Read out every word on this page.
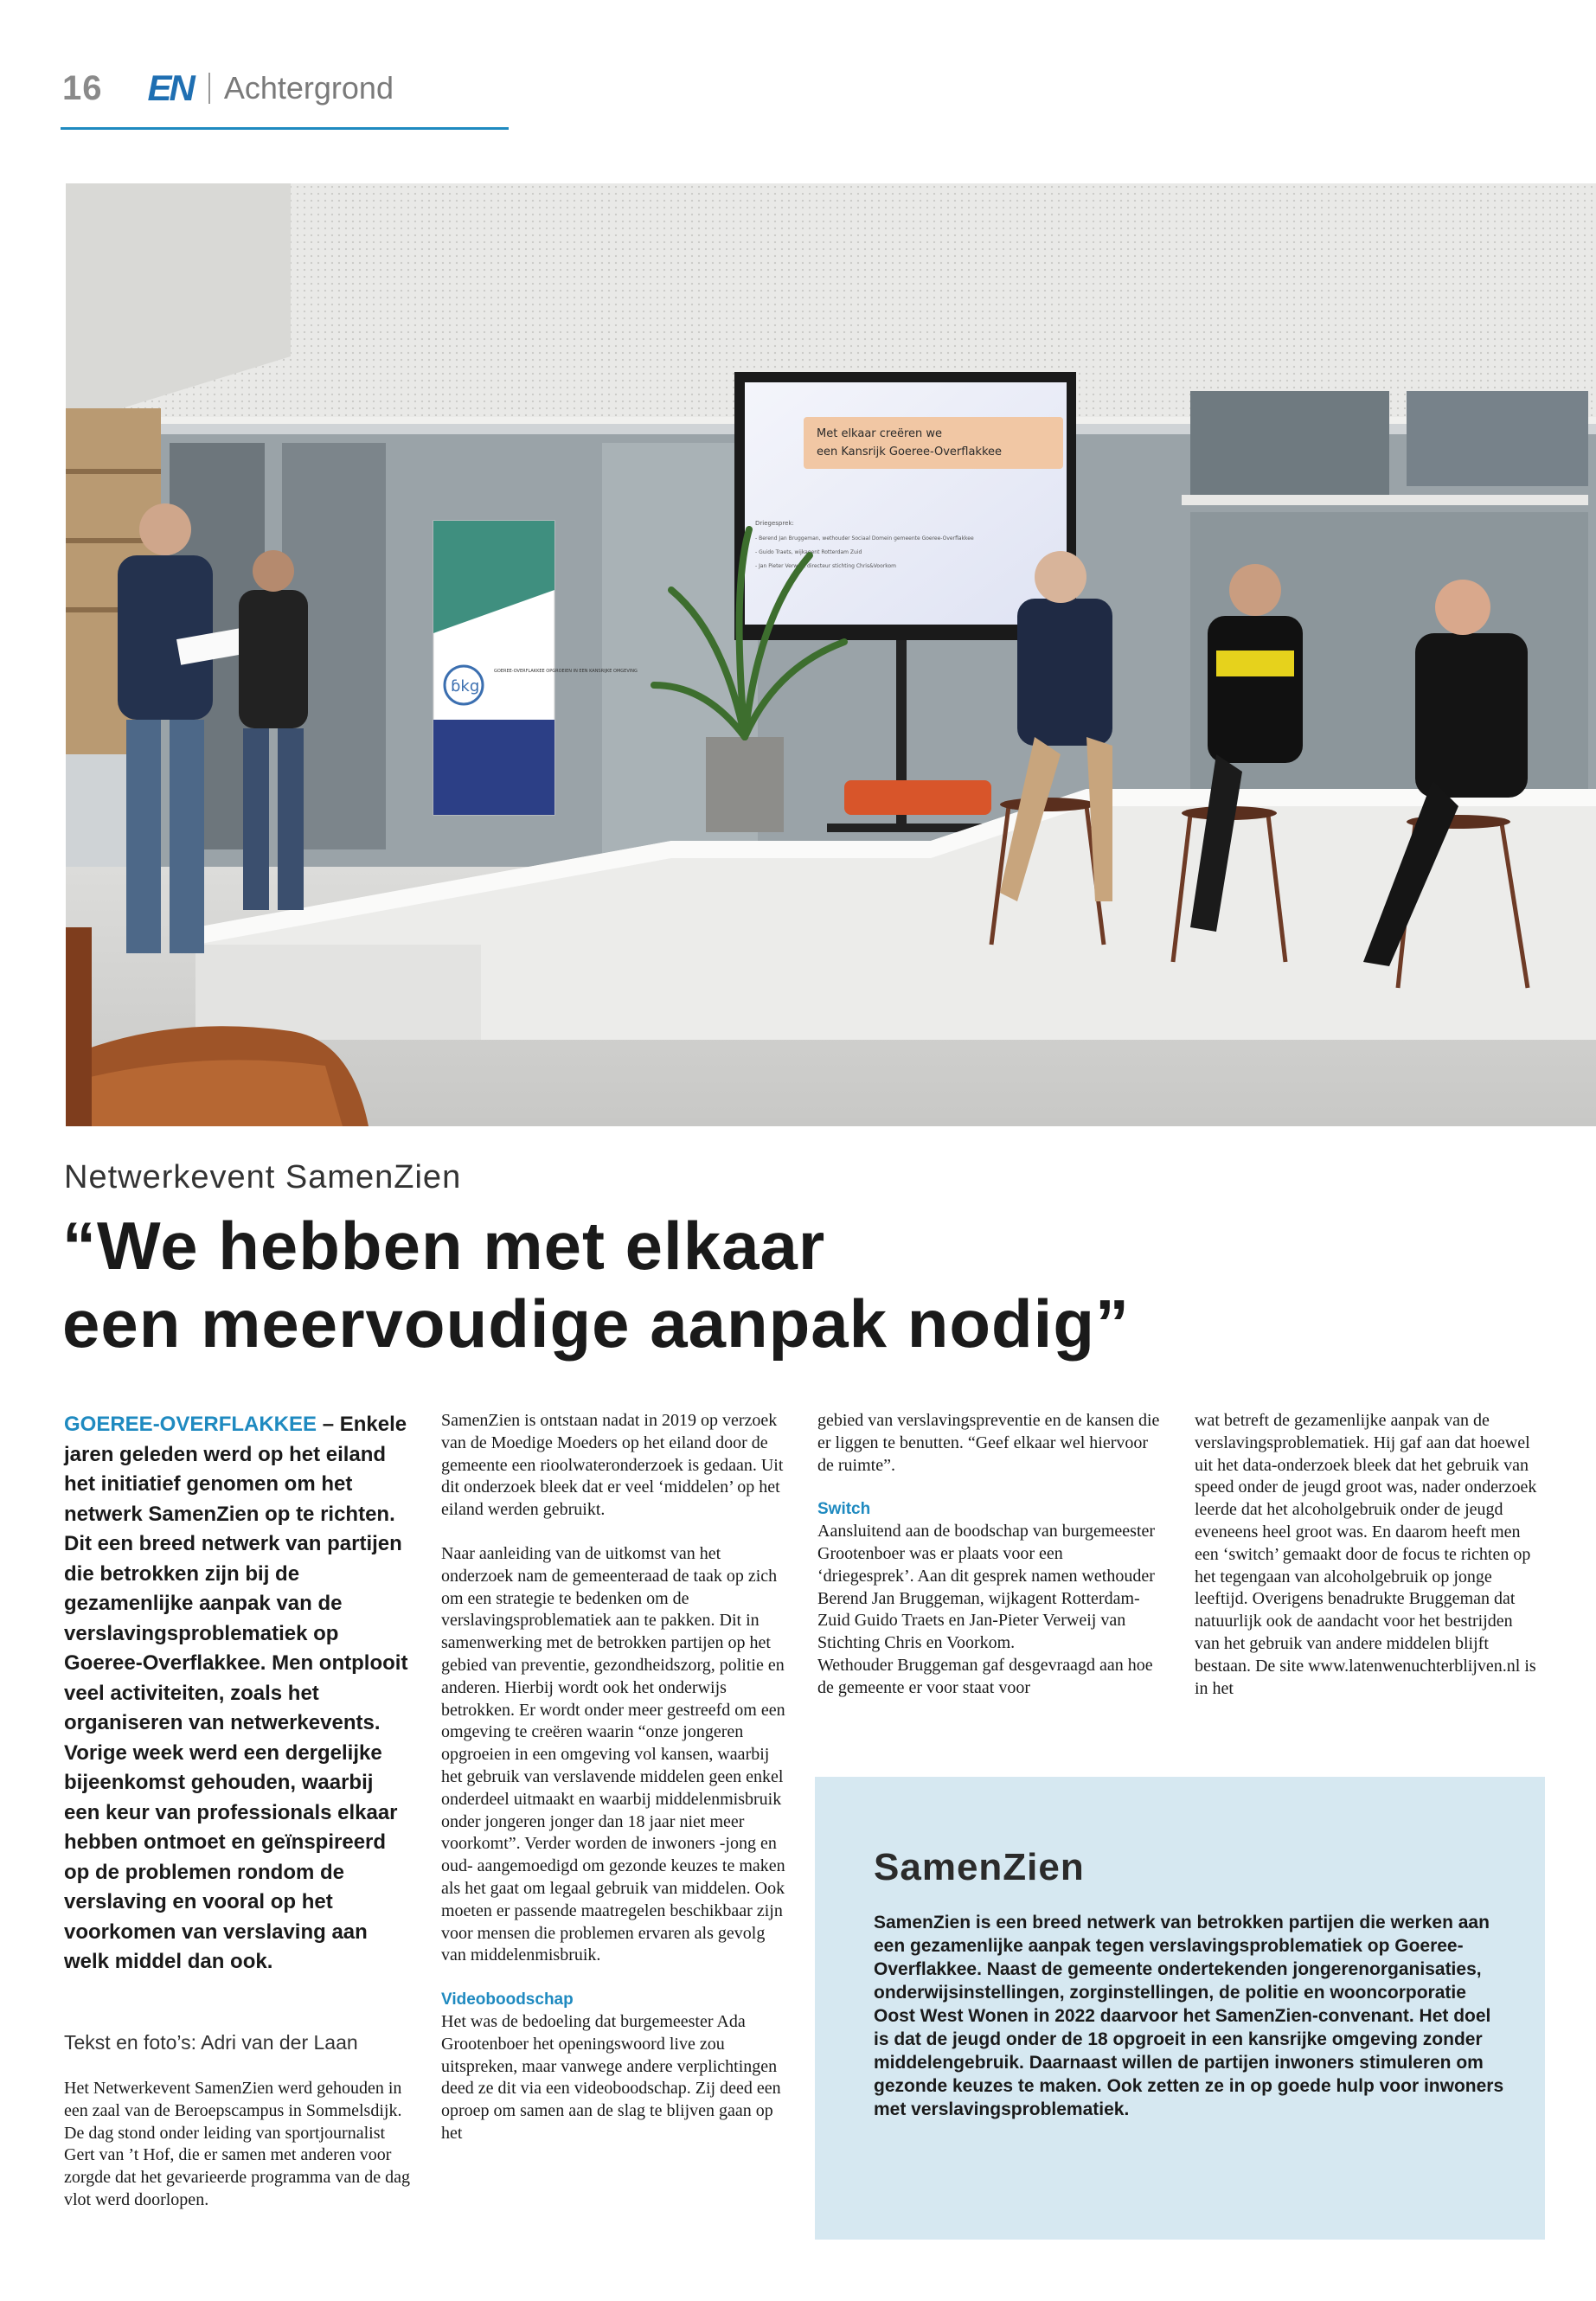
16 EN Achtergrond
ɓkg
GOEREE-OVERFLAKKEE OPGROEIEN IN EEN KANSRIJKE OMGEVING
Met elkaar creëren we
een Kansrijk Goeree-Overflakkee
Driegesprek:
- Berend Jan Bruggeman, wethouder Sociaal Domein gemeente Goeree-Overflakkee
- Guido Traets, wijkagent Rotterdam Zuid
- Jan Pieter Verweij, directeur stichting Chris&Voorkom
Netwerkevent SamenZien
“We hebben met elkaar
een meervoudige aanpak nodig”
GOEREE-OVERFLAKKEE – Enkele jaren geleden werd op het eiland het initiatief genomen om het netwerk SamenZien op te richten. Dit een breed netwerk van partijen die betrokken zijn bij de gezamenlijke aanpak van de verslavingsproblematiek op Goeree-Overflakkee. Men ontplooit veel activiteiten, zoals het organiseren van netwerkevents. Vorige week werd een dergelijke bijeenkomst gehouden, waarbij een keur van professionals elkaar hebben ontmoet en geïnspireerd op de problemen rondom de verslaving en vooral op het voorkomen van verslaving aan welk middel dan ook.
Tekst en foto’s: Adri van der Laan

Het Netwerkevent SamenZien werd gehouden in een zaal van de Beroepscampus in Sommelsdijk. De dag stond onder leiding van sportjournalist Gert van ’t Hof, die er samen met anderen voor zorgde dat het gevarieerde programma van de dag vlot werd doorlopen.

SamenZien is ontstaan nadat in 2019 op verzoek van de Moedige Moeders op het eiland door de gemeente een rioolwateronderzoek is gedaan. Uit dit onderzoek bleek dat er veel ‘middelen’ op het eiland werden gebruikt.

Naar aanleiding van de uitkomst van het onderzoek nam de gemeenteraad de taak op zich om een strategie te bedenken om de verslavingsproblematiek aan te pakken. Dit in samenwerking met de betrokken partijen op het gebied van preventie, gezondheidszorg, politie en anderen. Hierbij wordt ook het onderwijs betrokken. Er wordt onder meer gestreefd om een omgeving te creëren waarin “onze jongeren opgroeien in een omgeving vol kansen, waarbij het gebruik van verslavende middelen geen enkel onderdeel uitmaakt en waarbij middelenmisbruik onder jongeren jonger dan 18 jaar niet meer voorkomt”. Verder worden de inwoners -jong en oud- aangemoedigd om gezonde keuzes te maken als het gaat om legaal gebruik van middelen. Ook moeten er passende maatregelen beschikbaar zijn voor mensen die problemen ervaren als gevolg van middelenmisbruik.

Videoboodschap

Het was de bedoeling dat burgemeester Ada Grootenboer het openingswoord live zou uitspreken, maar vanwege andere verplichtingen deed ze dit via een videoboodschap. Zij deed een oproep om samen aan de slag te blijven gaan op het

gebied van verslavingspreventie en de kansen die er liggen te benutten. “Geef elkaar wel hiervoor de ruimte”.

Switch

Aansluitend aan de boodschap van burgemeester Grootenboer was er plaats voor een ‘driegesprek’. Aan dit gesprek namen wethouder Berend Jan Bruggeman, wijkagent Rotterdam-Zuid Guido Traets en Jan-Pieter Verweij van Stichting Chris en Voorkom.

Wethouder Bruggeman gaf desgevraagd aan hoe de gemeente er voor staat voor

wat betreft de gezamenlijke aanpak van de verslavingsproblematiek. Hij gaf aan dat hoewel uit het data-onderzoek bleek dat het gebruik van speed onder de jeugd groot was, nader onderzoek leerde dat het alcoholgebruik onder de jeugd eveneens heel groot was. En daarom heeft men een ‘switch’ gemaakt door de focus te richten op het tegengaan van alcoholgebruik op jonge leeftijd. Overigens benadrukte Bruggeman dat natuurlijk ook de aandacht voor het bestrijden van het gebruik van andere middelen blijft bestaan. De site www.latenwenuchterblijven.nl is in het

SamenZien
SamenZien is een breed netwerk van betrokken partijen die werken aan een gezamenlijke aanpak tegen verslavingsproblematiek op Goeree-Overflakkee. Naast de gemeente ondertekenden jongerenorganisaties, onderwijsinstellingen, zorginstellingen, de politie en wooncorporatie Oost West Wonen in 2022 daarvoor het SamenZien-convenant. Het doel is dat de jeugd onder de 18 opgroeit in een kansrijke omgeving zonder middelengebruik. Daarnaast willen de partijen inwoners stimuleren om gezonde keuzes te maken. Ook zetten ze in op goede hulp voor inwoners met verslavingsproblematiek.
